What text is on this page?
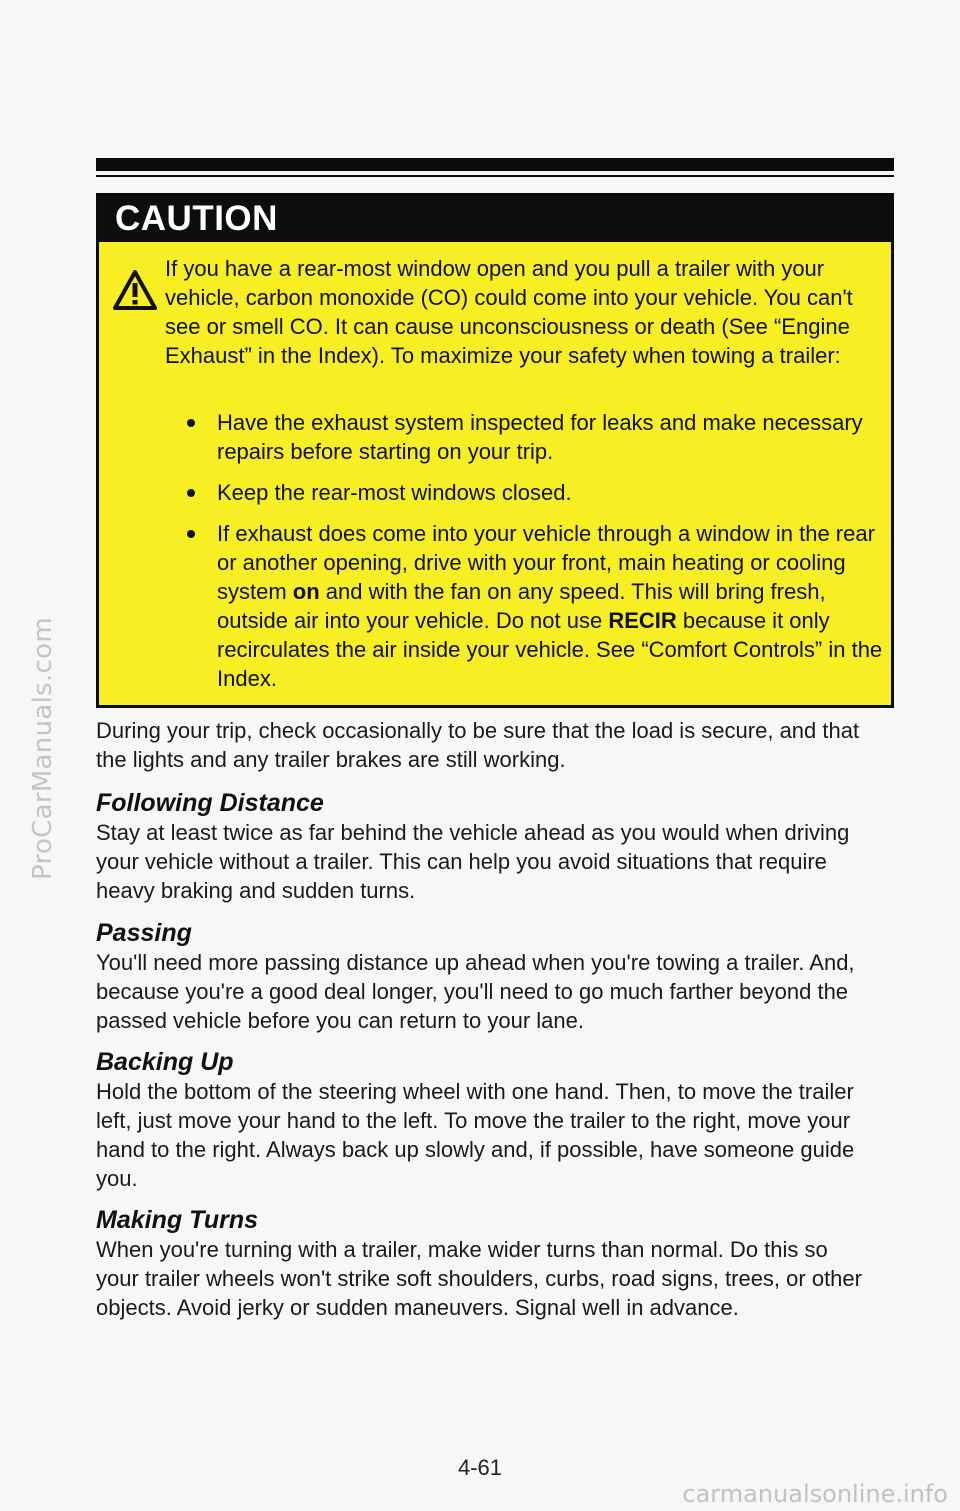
ProCarManuals.com
CAUTION
If you have a rear-most window open and you pull a trailer with your vehicle, carbon monoxide (CO) could come into your vehicle. You can't see or smell CO. It can cause unconsciousness or death (See “Engine Exhaust” in the Index). To maximize your safety when towing a trailer:
Have the exhaust system inspected for leaks and make necessary repairs before starting on your trip.
Keep the rear-most windows closed.
If exhaust does come into your vehicle through a window in the rear or another opening, drive with your front, main heating or cooling system on and with the fan on any speed. This will bring fresh, outside air into your vehicle. Do not use RECIR because it only recirculates the air inside your vehicle. See “Comfort Controls” in the Index.

During your trip, check occasionally to be sure that the load is secure, and that the lights and any trailer brakes are still working.

Following Distance

Stay at least twice as far behind the vehicle ahead as you would when driving your vehicle without a trailer. This can help you avoid situations that require heavy braking and sudden turns.

Passing

You'll need more passing distance up ahead when you're towing a trailer. And, because you're a good deal longer, you'll need to go much farther beyond the passed vehicle before you can return to your lane.

Backing Up

Hold the bottom of the steering wheel with one hand. Then, to move the trailer left, just move your hand to the left. To move the trailer to the right, move your hand to the right. Always back up slowly and, if possible, have someone guide you.

Making Turns

When you're turning with a trailer, make wider turns than normal. Do this so your trailer wheels won't strike soft shoulders, curbs, road signs, trees, or other objects. Avoid jerky or sudden maneuvers. Signal well in advance.

4-61
carmanualsonline.info
